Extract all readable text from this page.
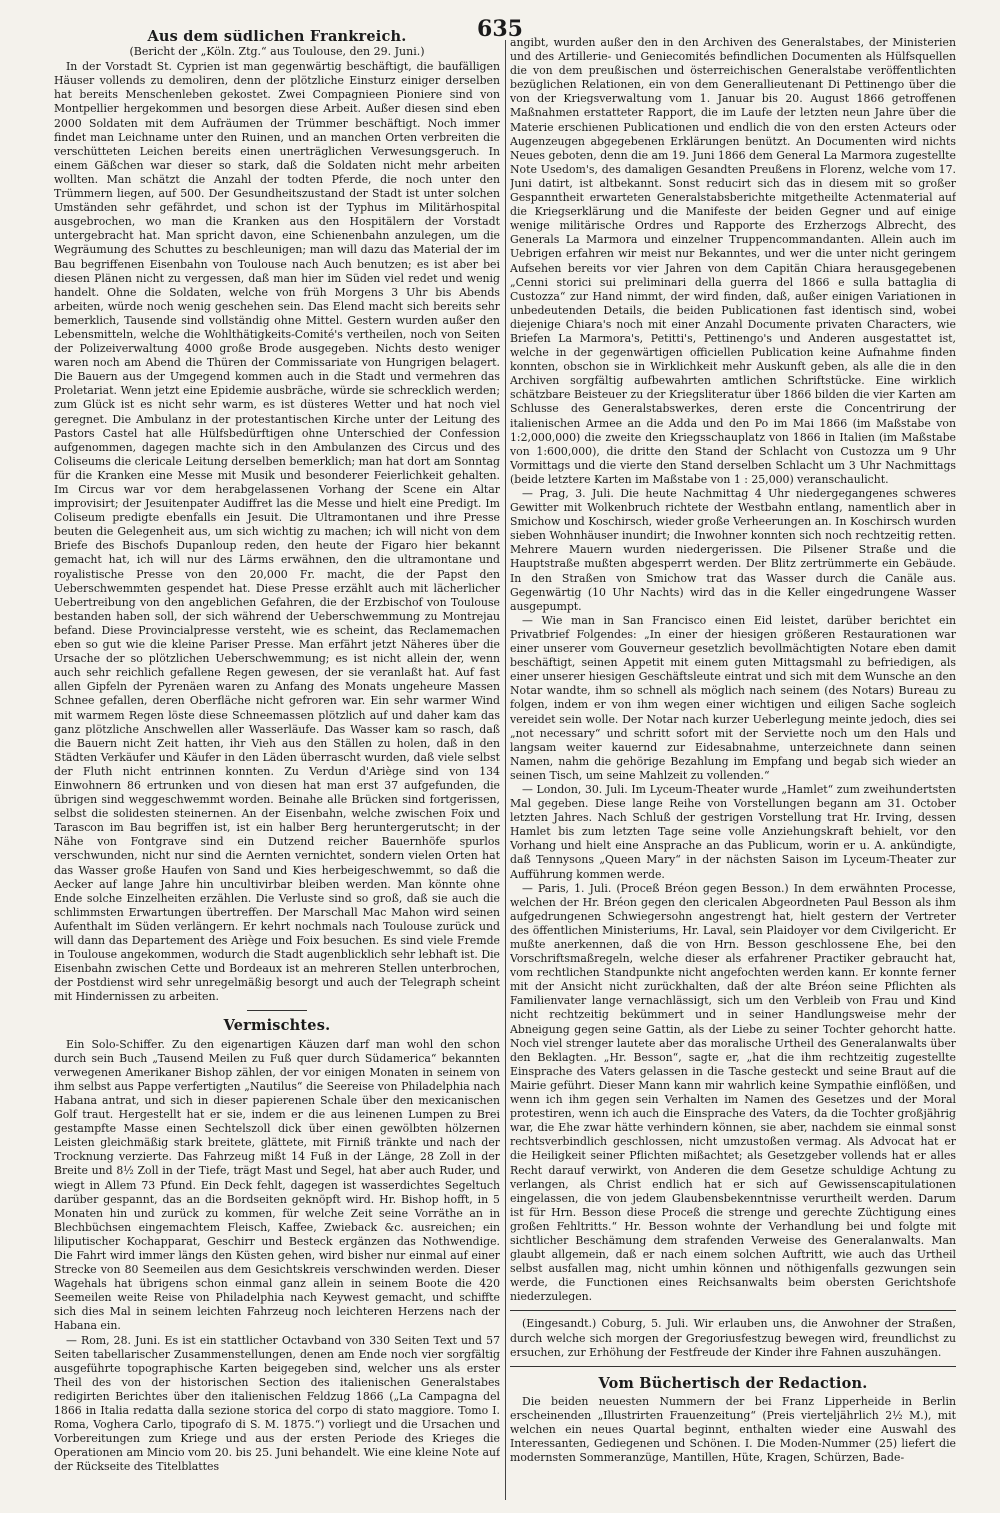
635
Aus dem südlichen Frankreich.
(Bericht der „Köln. Ztg.“ aus Toulouse, den 29. Juni.)

In der Vorstadt St. Cyprien ist man gegenwärtig beschäftigt, die baufälligen Häuser vollends zu demoliren, denn der plötzliche Einsturz einiger derselben hat bereits Menschenleben gekostet. Zwei Compagnieen Pioniere sind von Montpellier hergekommen und besorgen diese Arbeit. Außer diesen sind eben 2000 Soldaten mit dem Aufräumen der Trümmer beschäftigt. Noch immer findet man Leichname unter den Ruinen, und an manchen Orten verbreiten die verschütteten Leichen bereits einen unerträglichen Verwesungsgeruch. In einem Gäßchen war dieser so stark, daß die Soldaten nicht mehr arbeiten wollten. Man schätzt die Anzahl der todten Pferde, die noch unter den Trümmern liegen, auf 500. Der Gesundheitszustand der Stadt ist unter solchen Umständen sehr gefährdet, und schon ist der Typhus im Militärhospital ausgebrochen, wo man die Kranken aus den Hospitälern der Vorstadt untergebracht hat. Man spricht davon, eine Schienenbahn anzulegen, um die Wegräumung des Schuttes zu beschleunigen; man will dazu das Material der im Bau begriffenen Eisenbahn von Toulouse nach Auch benutzen; es ist aber bei diesen Plänen nicht zu vergessen, daß man hier im Süden viel redet und wenig handelt. Ohne die Soldaten, welche von früh Morgens 3 Uhr bis Abends arbeiten, würde noch wenig geschehen sein. Das Elend macht sich bereits sehr bemerklich, Tausende sind vollständig ohne Mittel. Gestern wurden außer den Lebensmitteln, welche die Wohlthätigkeits-Comité's vertheilen, noch von Seiten der Polizeiverwaltung 4000 große Brode ausgegeben. Nichts desto weniger waren noch am Abend die Thüren der Commissariate von Hungrigen belagert. Die Bauern aus der Umgegend kommen auch in die Stadt und vermehren das Proletariat. Wenn jetzt eine Epidemie ausbräche, würde sie schrecklich werden; zum Glück ist es nicht sehr warm, es ist düsteres Wetter und hat noch viel geregnet. Die Ambulanz in der protestantischen Kirche unter der Leitung des Pastors Castel hat alle Hülfsbedürftigen ohne Unterschied der Confession aufgenommen, dagegen machte sich in den Ambulanzen des Circus und des Coliseums die clericale Leitung derselben bemerklich; man hat dort am Sonntag für die Kranken eine Messe mit Musik und besonderer Feierlichkeit gehalten. Im Circus war vor dem herabgelassenen Vorhang der Scene ein Altar improvisirt; der Jesuitenpater Audiffret las die Messe und hielt eine Predigt. Im Coliseum predigte ebenfalls ein Jesuit. Die Ultramontanen und ihre Presse beuten die Gelegenheit aus, um sich wichtig zu machen; ich will nicht von dem Briefe des Bischofs Dupanloup reden, den heute der Figaro hier bekannt gemacht hat, ich will nur des Lärms erwähnen, den die ultramontane und royalistische Presse von den 20,000 Fr. macht, die der Papst den Ueberschwemmten gespendet hat. Diese Presse erzählt auch mit lächerlicher Uebertreibung von den angeblichen Gefahren, die der Erzbischof von Toulouse bestanden haben soll, der sich während der Ueberschwemmung zu Montrejau befand. Diese Provincialpresse versteht, wie es scheint, das Reclamemachen eben so gut wie die kleine Pariser Presse. Man erfährt jetzt Näheres über die Ursache der so plötzlichen Ueberschwemmung; es ist nicht allein der, wenn auch sehr reichlich gefallene Regen gewesen, der sie veranlaßt hat. Auf fast allen Gipfeln der Pyrenäen waren zu Anfang des Monats ungeheure Massen Schnee gefallen, deren Oberfläche nicht gefroren war. Ein sehr warmer Wind mit warmem Regen löste diese Schneemassen plötzlich auf und daher kam das ganz plötzliche Anschwellen aller Wasserläufe. Das Wasser kam so rasch, daß die Bauern nicht Zeit hatten, ihr Vieh aus den Ställen zu holen, daß in den Städten Verkäufer und Käufer in den Läden überrascht wurden, daß viele selbst der Fluth nicht entrinnen konnten. Zu Verdun d'Ariège sind von 134 Einwohnern 86 ertrunken und von diesen hat man erst 37 aufgefunden, die übrigen sind weggeschwemmt worden. Beinahe alle Brücken sind fortgerissen, selbst die solidesten steinernen. An der Eisenbahn, welche zwischen Foix und Tarascon im Bau begriffen ist, ist ein halber Berg heruntergerutscht; in der Nähe von Fontgrave sind ein Dutzend reicher Bauernhöfe spurlos verschwunden, nicht nur sind die Aernten vernichtet, sondern vielen Orten hat das Wasser große Haufen von Sand und Kies herbeigeschwemmt, so daß die Aecker auf lange Jahre hin uncultivirbar bleiben werden. Man könnte ohne Ende solche Einzelheiten erzählen. Die Verluste sind so groß, daß sie auch die schlimmsten Erwartungen übertreffen. Der Marschall Mac Mahon wird seinen Aufenthalt im Süden verlängern. Er kehrt nochmals nach Toulouse zurück und will dann das Departement des Ariège und Foix besuchen. Es sind viele Fremde in Toulouse angekommen, wodurch die Stadt augenblicklich sehr lebhaft ist. Die Eisenbahn zwischen Cette und Bordeaux ist an mehreren Stellen unterbrochen, der Postdienst wird sehr unregelmäßig besorgt und auch der Telegraph scheint mit Hindernissen zu arbeiten.

Vermischtes.

Ein Solo-Schiffer. Zu den eigenartigen Käuzen darf man wohl den schon durch sein Buch „Tausend Meilen zu Fuß quer durch Südamerica“ bekannten verwegenen Amerikaner Bishop zählen, der vor einigen Monaten in seinem von ihm selbst aus Pappe verfertigten „Nautilus“ die Seereise von Philadelphia nach Habana antrat, und sich in dieser papierenen Schale über den mexicanischen Golf traut. Hergestellt hat er sie, indem er die aus leinenen Lumpen zu Brei gestampfte Masse einen Sechtelszoll dick über einen gewölbten hölzernen Leisten gleichmäßig stark breitete, glättete, mit Firniß tränkte und nach der Trocknung verzierte. Das Fahrzeug mißt 14 Fuß in der Länge, 28 Zoll in der Breite und 8½ Zoll in der Tiefe, trägt Mast und Segel, hat aber auch Ruder, und wiegt in Allem 73 Pfund. Ein Deck fehlt, dagegen ist wasserdichtes Segeltuch darüber gespannt, das an die Bordseiten geknöpft wird. Hr. Bishop hofft, in 5 Monaten hin und zurück zu kommen, für welche Zeit seine Vorräthe an in Blechbüchsen eingemachtem Fleisch, Kaffee, Zwieback &c. ausreichen; ein liliputischer Kochapparat, Geschirr und Besteck ergänzen das Nothwendige. Die Fahrt wird immer längs den Küsten gehen, wird bisher nur einmal auf einer Strecke von 80 Seemeilen aus dem Gesichtskreis verschwinden werden. Dieser Wagehals hat übrigens schon einmal ganz allein in seinem Boote die 420 Seemeilen weite Reise von Philadelphia nach Keywest gemacht, und schiffte sich dies Mal in seinem leichten Fahrzeug noch leichteren Herzens nach der Habana ein.

— Rom, 28. Juni. Es ist ein stattlicher Octavband von 330 Seiten Text und 57 Seiten tabellarischer Zusammenstellungen, denen am Ende noch vier sorgfältig ausgeführte topographische Karten beigegeben sind, welcher uns als erster Theil des von der historischen Section des italienischen Generalstabes redigirten Berichtes über den italienischen Feldzug 1866 („La Campagna del 1866 in Italia redatta dalla sezione storica del corpo di stato maggiore. Tomo I. Roma, Voghera Carlo, tipografo di S. M. 1875.“) vorliegt und die Ursachen und Vorbereitungen zum Kriege und aus der ersten Periode des Krieges die Operationen am Mincio vom 20. bis 25. Juni behandelt. Wie eine kleine Note auf der Rückseite des Titelblattes

angibt, wurden außer den in den Archiven des Generalstabes, der Ministerien und des Artillerie- und Geniecomités befindlichen Documenten als Hülfsquellen die von dem preußischen und österreichischen Generalstabe veröffentlichten bezüglichen Relationen, ein von dem Generallieutenant Di Pettinengo über die von der Kriegsverwaltung vom 1. Januar bis 20. August 1866 getroffenen Maßnahmen erstatteter Rapport, die im Laufe der letzten neun Jahre über die Materie erschienen Publicationen und endlich die von den ersten Acteurs oder Augenzeugen abgegebenen Erklärungen benützt. An Documenten wird nichts Neues geboten, denn die am 19. Juni 1866 dem General La Marmora zugestellte Note Usedom's, des damaligen Gesandten Preußens in Florenz, welche vom 17. Juni datirt, ist altbekannt. Sonst reducirt sich das in diesem mit so großer Gespanntheit erwarteten Generalstabsberichte mitgetheilte Actenmaterial auf die Kriegserklärung und die Manifeste der beiden Gegner und auf einige wenige militärische Ordres und Rapporte des Erzherzogs Albrecht, des Generals La Marmora und einzelner Truppencommandanten. Allein auch im Uebrigen erfahren wir meist nur Bekanntes, und wer die unter nicht geringem Aufsehen bereits vor vier Jahren von dem Capitän Chiara herausgegebenen „Cenni storici sui preliminari della guerra del 1866 e sulla battaglia di Custozza“ zur Hand nimmt, der wird finden, daß, außer einigen Variationen in unbedeutenden Details, die beiden Publicationen fast identisch sind, wobei diejenige Chiara's noch mit einer Anzahl Documente privaten Characters, wie Briefen La Marmora's, Petitti's, Pettinengo's und Anderen ausgestattet ist, welche in der gegenwärtigen officiellen Publication keine Aufnahme finden konnten, obschon sie in Wirklichkeit mehr Auskunft geben, als alle die in den Archiven sorgfältig aufbewahrten amtlichen Schriftstücke. Eine wirklich schätzbare Beisteuer zu der Kriegsliteratur über 1866 bilden die vier Karten am Schlusse des Generalstabswerkes, deren erste die Concentrirung der italienischen Armee an die Adda und den Po im Mai 1866 (im Maßstabe von 1:2,000,000) die zweite den Kriegsschauplatz von 1866 in Italien (im Maßstabe von 1:600,000), die dritte den Stand der Schlacht von Custozza um 9 Uhr Vormittags und die vierte den Stand derselben Schlacht um 3 Uhr Nachmittags (beide letztere Karten im Maßstabe von 1 : 25,000) veranschaulicht.

— Prag, 3. Juli. Die heute Nachmittag 4 Uhr niedergegangenes schweres Gewitter mit Wolkenbruch richtete der Westbahn entlang, namentlich aber in Smichow und Koschirsch, wieder große Verheerungen an. In Koschirsch wurden sieben Wohnhäuser inundirt; die Inwohner konnten sich noch rechtzeitig retten. Mehrere Mauern wurden niedergerissen. Die Pilsener Straße und die Hauptstraße mußten abgesperrt werden. Der Blitz zertrümmerte ein Gebäude. In den Straßen von Smichow trat das Wasser durch die Canäle aus. Gegenwärtig (10 Uhr Nachts) wird das in die Keller eingedrungene Wasser ausgepumpt.

— Wie man in San Francisco einen Eid leistet, darüber berichtet ein Privatbrief Folgendes: „In einer der hiesigen größeren Restaurationen war einer unserer vom Gouverneur gesetzlich bevollmächtigten Notare eben damit beschäftigt, seinen Appetit mit einem guten Mittagsmahl zu befriedigen, als einer unserer hiesigen Geschäftsleute eintrat und sich mit dem Wunsche an den Notar wandte, ihm so schnell als möglich nach seinem (des Notars) Bureau zu folgen, indem er von ihm wegen einer wichtigen und eiligen Sache sogleich vereidet sein wolle. Der Notar nach kurzer Ueberlegung meinte jedoch, dies sei „not necessary“ und schritt sofort mit der Serviette noch um den Hals und langsam weiter kauernd zur Eidesabnahme, unterzeichnete dann seinen Namen, nahm die gehörige Bezahlung im Empfang und begab sich wieder an seinen Tisch, um seine Mahlzeit zu vollenden.“

— London, 30. Juli. Im Lyceum-Theater wurde „Hamlet“ zum zweihundertsten Mal gegeben. Diese lange Reihe von Vorstellungen begann am 31. October letzten Jahres. Nach Schluß der gestrigen Vorstellung trat Hr. Irving, dessen Hamlet bis zum letzten Tage seine volle Anziehungskraft behielt, vor den Vorhang und hielt eine Ansprache an das Publicum, worin er u. A. ankündigte, daß Tennysons „Queen Mary“ in der nächsten Saison im Lyceum-Theater zur Aufführung kommen werde.

— Paris, 1. Juli. (Proceß Bréon gegen Besson.) In dem erwähnten Processe, welchen der Hr. Bréon gegen den clericalen Abgeordneten Paul Besson als ihm aufgedrungenen Schwiegersohn angestrengt hat, hielt gestern der Vertreter des öffentlichen Ministeriums, Hr. Laval, sein Plaidoyer vor dem Civilgericht. Er mußte anerkennen, daß die von Hrn. Besson geschlossene Ehe, bei den Vorschriftsmaßregeln, welche dieser als erfahrener Practiker gebraucht hat, vom rechtlichen Standpunkte nicht angefochten werden kann. Er konnte ferner mit der Ansicht nicht zurückhalten, daß der alte Bréon seine Pflichten als Familienvater lange vernachlässigt, sich um den Verbleib von Frau und Kind nicht rechtzeitig bekümmert und in seiner Handlungsweise mehr der Abneigung gegen seine Gattin, als der Liebe zu seiner Tochter gehorcht hatte. Noch viel strenger lautete aber das moralische Urtheil des Generalanwalts über den Beklagten. „Hr. Besson“, sagte er, „hat die ihm rechtzeitig zugestellte Einsprache des Vaters gelassen in die Tasche gesteckt und seine Braut auf die Mairie geführt. Dieser Mann kann mir wahrlich keine Sympathie einflößen, und wenn ich ihm gegen sein Verhalten im Namen des Gesetzes und der Moral protestiren, wenn ich auch die Einsprache des Vaters, da die Tochter großjährig war, die Ehe zwar hätte verhindern können, sie aber, nachdem sie einmal sonst rechtsverbindlich geschlossen, nicht umzustoßen vermag. Als Advocat hat er die Heiligkeit seiner Pflichten mißachtet; als Gesetzgeber vollends hat er alles Recht darauf verwirkt, von Anderen die dem Gesetze schuldige Achtung zu verlangen, als Christ endlich hat er sich auf Gewissenscapitulationen eingelassen, die von jedem Glaubensbekenntnisse verurtheilt werden. Darum ist für Hrn. Besson diese Proceß die strenge und gerechte Züchtigung eines großen Fehltritts.“ Hr. Besson wohnte der Verhandlung bei und folgte mit sichtlicher Beschämung dem strafenden Verweise des Generalanwalts. Man glaubt allgemein, daß er nach einem solchen Auftritt, wie auch das Urtheil selbst ausfallen mag, nicht umhin können und nöthigenfalls gezwungen sein werde, die Functionen eines Reichsanwalts beim obersten Gerichtshofe niederzulegen.

(Eingesandt.) Coburg, 5. Juli. Wir erlauben uns, die Anwohner der Straßen, durch welche sich morgen der Gregoriusfestzug bewegen wird, freundlichst zu ersuchen, zur Erhöhung der Festfreude der Kinder ihre Fahnen auszuhängen.

Vom Büchertisch der Redaction.

Die beiden neuesten Nummern der bei Franz Lipperheide in Berlin erscheinenden „Illustrirten Frauenzeitung“ (Preis vierteljährlich 2½ M.), mit welchen ein neues Quartal beginnt, enthalten wieder eine Auswahl des Interessanten, Gediegenen und Schönen. I. Die Moden-Nummer (25) liefert die modernsten Sommeranzüge, Mantillen, Hüte, Kragen, Schürzen, Bade-
